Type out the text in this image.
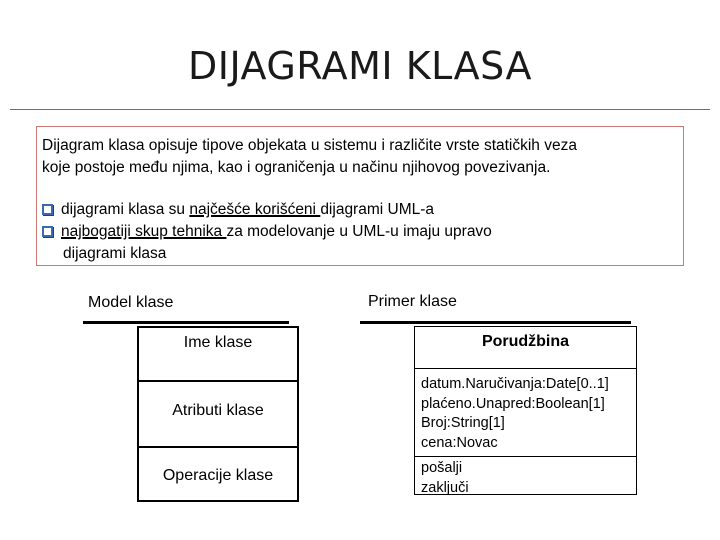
DIJAGRAMI KLASA
Dijagram klasa opisuje tipove objekata u sistemu i različite vrste statičkih veza
koje postoje među njima, kao i ograničenja u načinu njihovog povezivanja.
dijagrami klasa su najčešće korišćeni dijagrami UML-a
najbogatiji skup tehnika za modelovanje u UML-u imaju upravo
dijagrami klasa
Model klase	Primer klase
Ime klase
Atributi klase
Operacije klase
Porudžbina
datum.Naručivanja:Date[0..1]
plaćeno.Unapred:Boolean[1]
Broj:String[1]
cena:Novac
pošalji
zaključi
